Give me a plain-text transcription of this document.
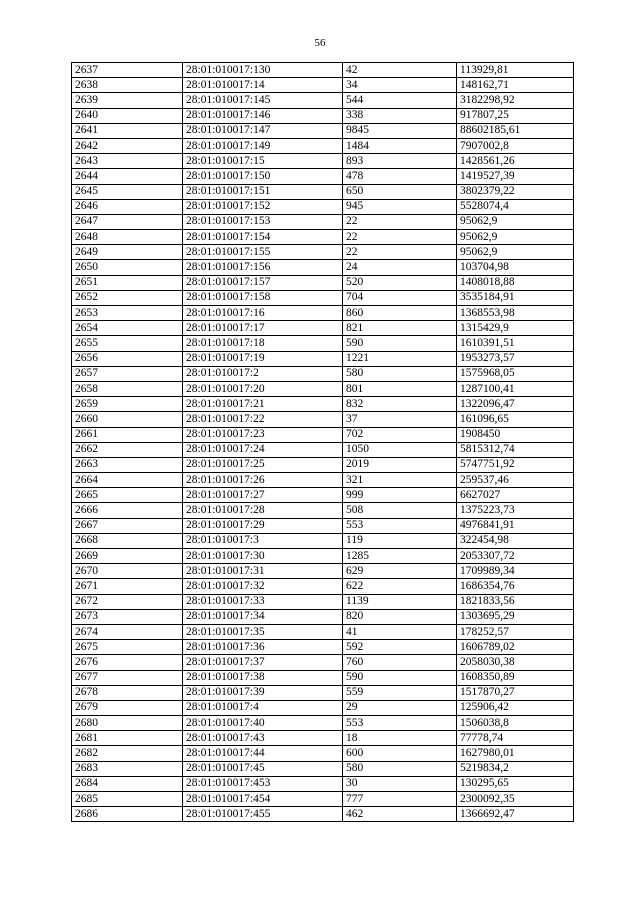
56
2637	28:01:010017:130	42	113929,81
2638	28:01:010017:14	34	148162,71
2639	28:01:010017:145	544	3182298,92
2640	28:01:010017:146	338	917807,25
2641	28:01:010017:147	9845	88602185,61
2642	28:01:010017:149	1484	7907002,8
2643	28:01:010017:15	893	1428561,26
2644	28:01:010017:150	478	1419527,39
2645	28:01:010017:151	650	3802379,22
2646	28:01:010017:152	945	5528074,4
2647	28:01:010017:153	22	95062,9
2648	28:01:010017:154	22	95062,9
2649	28:01:010017:155	22	95062,9
2650	28:01:010017:156	24	103704,98
2651	28:01:010017:157	520	1408018,88
2652	28:01:010017:158	704	3535184,91
2653	28:01:010017:16	860	1368553,98
2654	28:01:010017:17	821	1315429,9
2655	28:01:010017:18	590	1610391,51
2656	28:01:010017:19	1221	1953273,57
2657	28:01:010017:2	580	1575968,05
2658	28:01:010017:20	801	1287100,41
2659	28:01:010017:21	832	1322096,47
2660	28:01:010017:22	37	161096,65
2661	28:01:010017:23	702	1908450
2662	28:01:010017:24	1050	5815312,74
2663	28:01:010017:25	2019	5747751,92
2664	28:01:010017:26	321	259537,46
2665	28:01:010017:27	999	6627027
2666	28:01:010017:28	508	1375223,73
2667	28:01:010017:29	553	4976841,91
2668	28:01:010017:3	119	322454,98
2669	28:01:010017:30	1285	2053307,72
2670	28:01:010017:31	629	1709989,34
2671	28:01:010017:32	622	1686354,76
2672	28:01:010017:33	1139	1821833,56
2673	28:01:010017:34	820	1303695,29
2674	28:01:010017:35	41	178252,57
2675	28:01:010017:36	592	1606789,02
2676	28:01:010017:37	760	2058030,38
2677	28:01:010017:38	590	1608350,89
2678	28:01:010017:39	559	1517870,27
2679	28:01:010017:4	29	125906,42
2680	28:01:010017:40	553	1506038,8
2681	28:01:010017:43	18	77778,74
2682	28:01:010017:44	600	1627980,01
2683	28:01:010017:45	580	5219834,2
2684	28:01:010017:453	30	130295,65
2685	28:01:010017:454	777	2300092,35
2686	28:01:010017:455	462	1366692,47
